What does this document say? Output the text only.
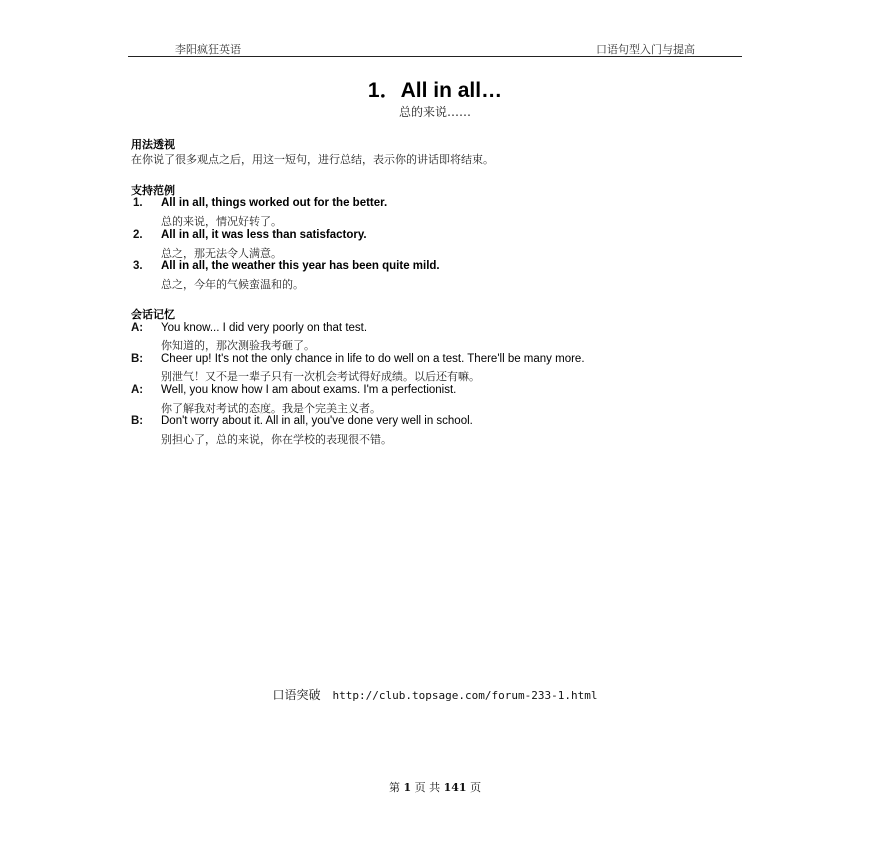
李阳疯狂英语	口语句型入门与提高
1．All in all…
总的来说……
用法透视
在你说了很多观点之后，用这一短句，进行总结，表示你的讲话即将结束。
支持范例
1. All in all, things worked out for the better.
总的来说，情况好转了。
2. All in all, it was less than satisfactory.
总之，那无法令人满意。
3. All in all, the weather this year has been quite mild.
总之，今年的气候蛮温和的。
会话记忆
A: You know... I did very poorly on that test.
你知道的，那次测验我考砸了。
B: Cheer up! It's not the only chance in life to do well on a test. There'll be many more.
别泄气！又不是一辈子只有一次机会考试得好成绩。以后还有嘛。
A: Well, you know how I am about exams. I'm a perfectionist.
你了解我对考试的态度。我是个完美主义者。
B: Don't worry about it. All in all, you've done very well in school.
别担心了，总的来说，你在学校的表现很不错。
口语突破 http://club.topsage.com/forum-233-1.html
第 1 页 共 141 页
